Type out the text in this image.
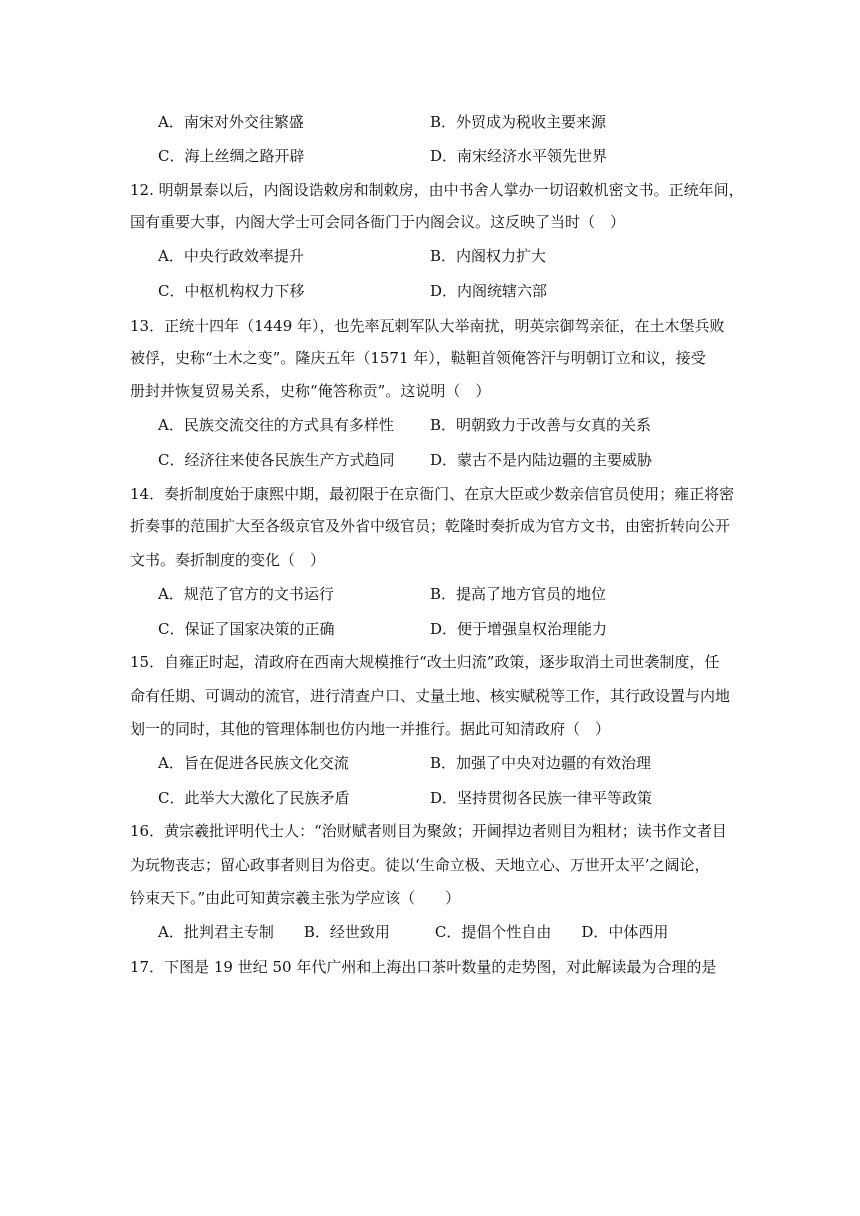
A．南宋对外交往繁盛	B．外贸成为税收主要来源
C．海上丝绸之路开辟	D．南宋经济水平领先世界
12. 明朝景泰以后，内阁设诰敕房和制敕房，由中书舍人掌办一切诏敕机密文书。正统年间，
国有重要大事，内阁大学士可会同各衙门于内阁会议。这反映了当时（　）
A．中央行政效率提升	B．内阁权力扩大
C．中枢机构权力下移	D．内阁统辖六部
13．正统十四年（1449 年），也先率瓦剌军队大举南扰，明英宗御驾亲征，在土木堡兵败
被俘，史称“土木之变”。隆庆五年（1571 年），鞑靼首领俺答汗与明朝订立和议，接受
册封并恢复贸易关系，史称“俺答称贡”。这说明（　）
A．民族交流交往的方式具有多样性 B．明朝致力于改善与女真的关系
C．经济往来使各民族生产方式趋同 D．蒙古不是内陆边疆的主要威胁
14．奏折制度始于康熙中期，最初限于在京衙门、在京大臣或少数亲信官员使用；雍正将密
折奏事的范围扩大至各级京官及外省中级官员；乾隆时奏折成为官方文书，由密折转向公开
文书。奏折制度的变化（　）
A．规范了官方的文书运行	B．提高了地方官员的地位
C．保证了国家决策的正确	D．便于增强皇权治理能力
15．自雍正时起，清政府在西南大规模推行“改土归流”政策，逐步取消土司世袭制度，任
命有任期、可调动的流官，进行清查户口、丈量土地、核实赋税等工作，其行政设置与内地
划一的同时，其他的管理体制也仿内地一并推行。据此可知清政府（　）
A．旨在促进各民族文化交流	B．加强了中央对边疆的有效治理
C．此举大大激化了民族矛盾	D．坚持贯彻各民族一律平等政策
16．黄宗羲批评明代士人：“治财赋者则目为聚敛；开阃捍边者则目为粗材；读书作文者目
为玩物丧志；留心政事者则目为俗吏。徒以‘生命立极、天地立心、万世开太平’之阔论，
钤束天下。”由此可知黄宗羲主张为学应该（　　）
A．批判君主专制　　B．经世致用　　　C．提倡个性自由　　D．中体西用
17．下图是 19 世纪 50 年代广州和上海出口茶叶数量的走势图，对此解读最为合理的是
